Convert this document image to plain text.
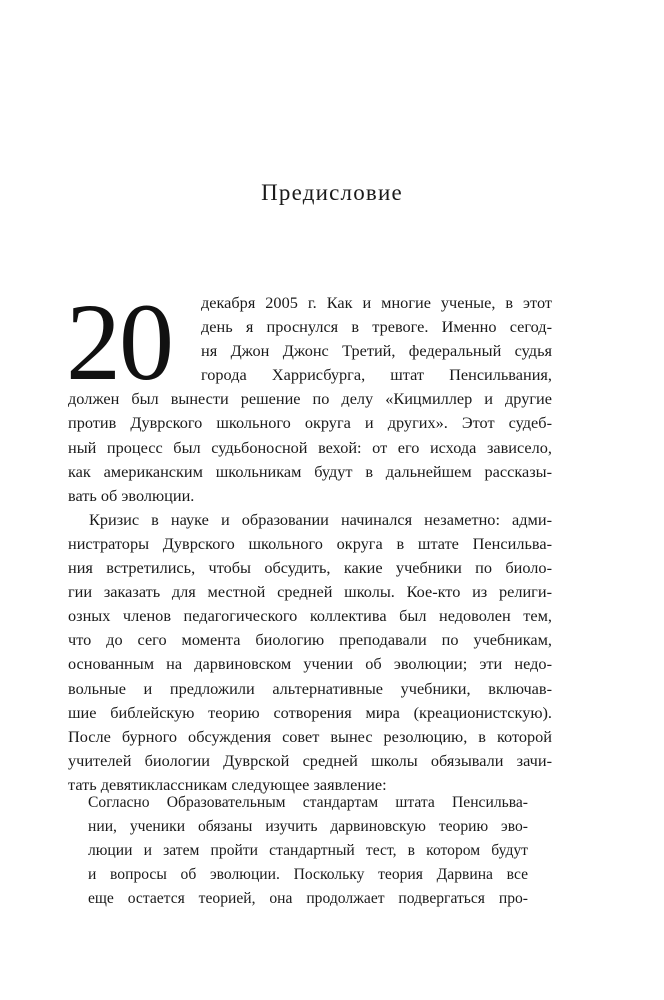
Предисловие
20	декабря 2005 г. Как и многие ученые, в этот
день я проснулся в тревоге. Именно сегод-
ня Джон Джонс Третий, федеральный судья
города Харрисбурга, штат Пенсильвания,
должен был вынести решение по делу «Кицмиллер и другие
против Дуврского школьного округа и других». Этот судеб-
ный процесс был судьбоносной вехой: от его исхода зависело,
как американским школьникам будут в дальнейшем рассказы-
вать об эволюции.
Кризис в науке и образовании начинался незаметно: адми-
нистраторы Дуврского школьного округа в штате Пенсильва-
ния встретились, чтобы обсудить, какие учебники по биоло-
гии заказать для местной средней школы. Кое-кто из религи-
озных членов педагогического коллектива был недоволен тем,
что до сего момента биологию преподавали по учебникам,
основанным на дарвиновском учении об эволюции; эти недо-
вольные и предложили альтернативные учебники, включав-
шие библейскую теорию сотворения мира (креационистскую).
После бурного обсуждения совет вынес резолюцию, в которой
учителей биологии Дуврской средней школы обязывали зачи-
тать девятиклассникам следующее заявление:
Согласно Образовательным стандартам штата Пенсильва-
нии, ученики обязаны изучить дарвиновскую теорию эво-
люции и затем пройти стандартный тест, в котором будут
и вопросы об эволюции. Поскольку теория Дарвина все
еще остается теорией, она продолжает подвергаться про-
